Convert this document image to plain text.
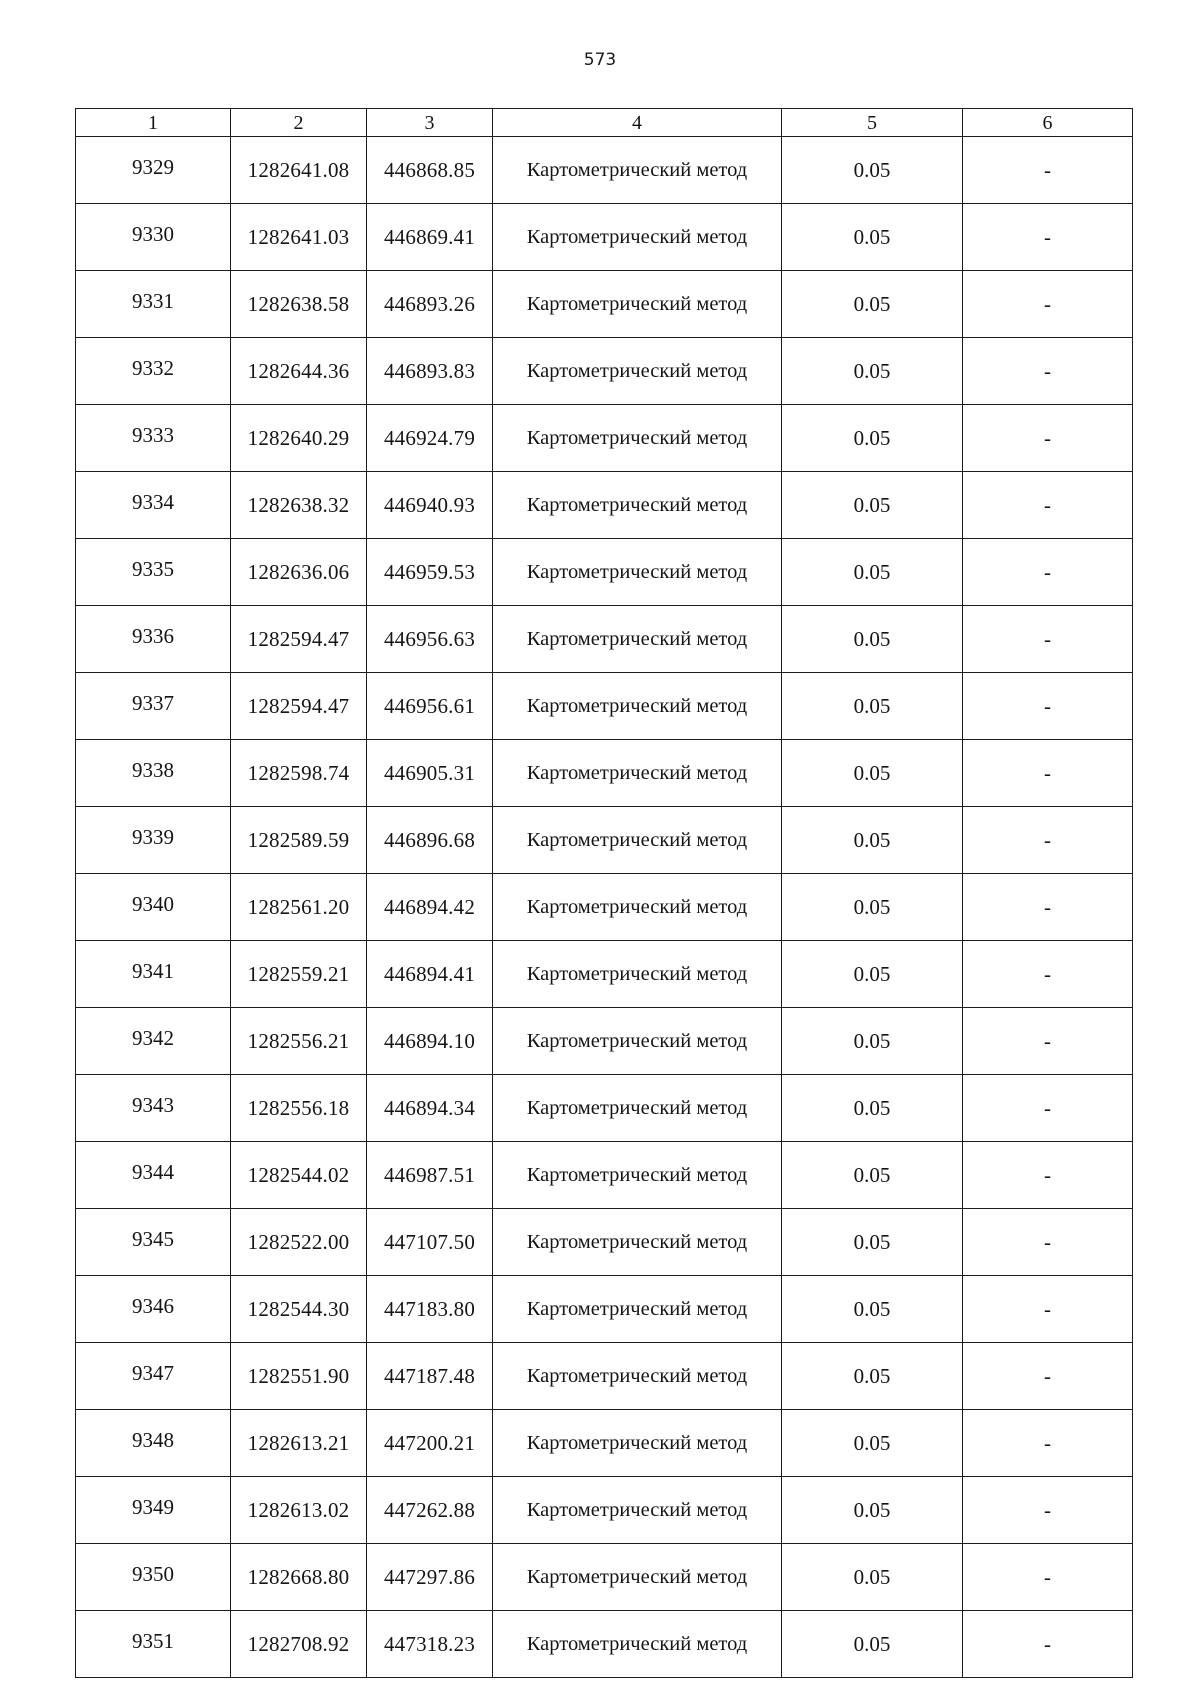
573
1	2	3	4	5	6
9329	1282641.08	446868.85	Картометрический метод	0.05	-
9330	1282641.03	446869.41	Картометрический метод	0.05	-
9331	1282638.58	446893.26	Картометрический метод	0.05	-
9332	1282644.36	446893.83	Картометрический метод	0.05	-
9333	1282640.29	446924.79	Картометрический метод	0.05	-
9334	1282638.32	446940.93	Картометрический метод	0.05	-
9335	1282636.06	446959.53	Картометрический метод	0.05	-
9336	1282594.47	446956.63	Картометрический метод	0.05	-
9337	1282594.47	446956.61	Картометрический метод	0.05	-
9338	1282598.74	446905.31	Картометрический метод	0.05	-
9339	1282589.59	446896.68	Картометрический метод	0.05	-
9340	1282561.20	446894.42	Картометрический метод	0.05	-
9341	1282559.21	446894.41	Картометрический метод	0.05	-
9342	1282556.21	446894.10	Картометрический метод	0.05	-
9343	1282556.18	446894.34	Картометрический метод	0.05	-
9344	1282544.02	446987.51	Картометрический метод	0.05	-
9345	1282522.00	447107.50	Картометрический метод	0.05	-
9346	1282544.30	447183.80	Картометрический метод	0.05	-
9347	1282551.90	447187.48	Картометрический метод	0.05	-
9348	1282613.21	447200.21	Картометрический метод	0.05	-
9349	1282613.02	447262.88	Картометрический метод	0.05	-
9350	1282668.80	447297.86	Картометрический метод	0.05	-
9351	1282708.92	447318.23	Картометрический метод	0.05	-
